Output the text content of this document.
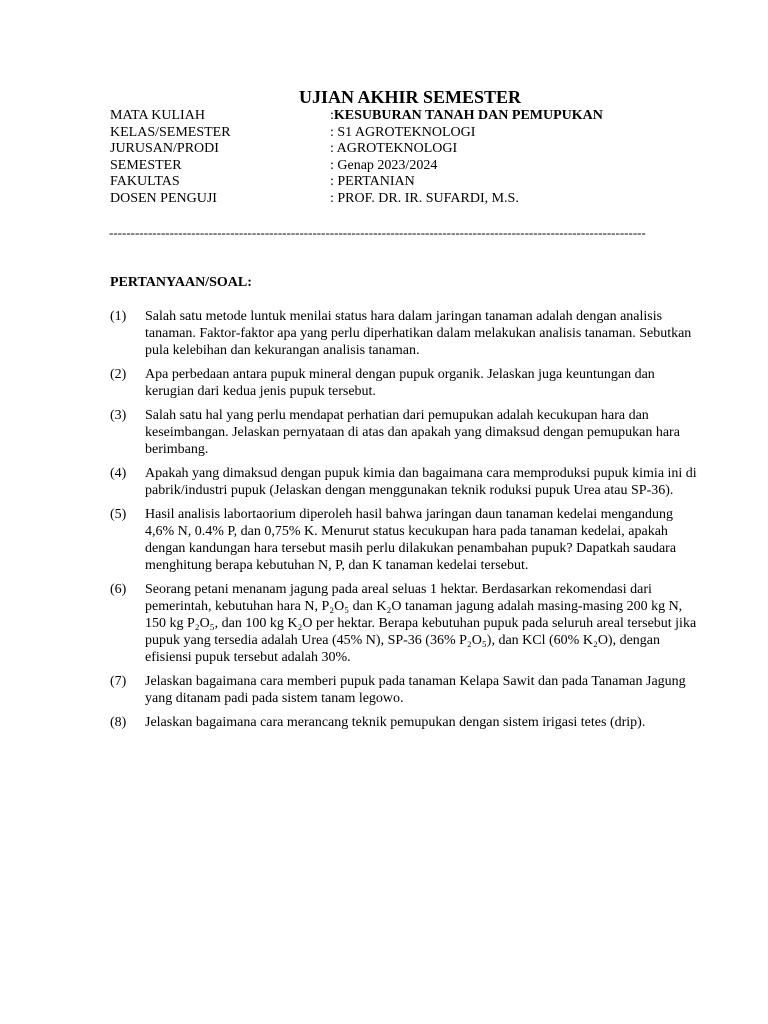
UJIAN AKHIR SEMESTER
MATA KULIAH	: KESUBURAN TANAH DAN PEMUPUKAN
KELAS/SEMESTER	: S1 AGROTEKNOLOGI
JURUSAN/PRODI	: AGROTEKNOLOGI
SEMESTER	: Genap 2023/2024
FAKULTAS	: PERTANIAN
DOSEN PENGUJI	: PROF. DR. IR. SUFARDI, M.S.
----------------------------------------------------------------------------------------------------------------------------
PERTANYAAN/SOAL:
(1) Salah satu metode luntuk menilai status hara dalam jaringan tanaman adalah dengan analisis tanaman. Faktor-faktor apa yang perlu diperhatikan dalam melakukan analisis tanaman. Sebutkan pula kelebihan dan kekurangan analisis tanaman.
(2) Apa perbedaan antara pupuk mineral dengan pupuk organik. Jelaskan juga keuntungan dan kerugian dari kedua jenis pupuk tersebut.
(3) Salah satu hal yang perlu mendapat perhatian dari pemupukan adalah kecukupan hara dan keseimbangan. Jelaskan pernyataan di atas dan apakah yang dimaksud dengan pemupukan hara berimbang.
(4) Apakah yang dimaksud dengan pupuk kimia dan bagaimana cara memproduksi pupuk kimia ini di pabrik/industri pupuk (Jelaskan dengan menggunakan teknik roduksi pupuk Urea atau SP-36).
(5) Hasil analisis labortaorium diperoleh hasil bahwa jaringan daun tanaman kedelai mengandung 4,6% N, 0.4% P, dan 0,75% K. Menurut status kecukupan hara pada tanaman kedelai, apakah dengan kandungan hara tersebut masih perlu dilakukan penambahan pupuk? Dapatkah saudara menghitung berapa kebutuhan N, P, dan K tanaman kedelai tersebut.
(6) Seorang petani menanam jagung pada areal seluas 1 hektar. Berdasarkan rekomendasi dari pemerintah, kebutuhan hara N, P₂O₅ dan K₂O tanaman jagung adalah masing-masing 200 kg N, 150 kg P₂O₅, dan 100 kg K₂O per hektar. Berapa kebutuhan pupuk pada seluruh areal tersebut jika pupuk yang tersedia adalah Urea (45% N), SP-36 (36% P₂O₅), dan KCl (60% K₂O), dengan efisiensi pupuk tersebut adalah 30%.
(7) Jelaskan bagaimana cara memberi pupuk pada tanaman Kelapa Sawit dan pada Tanaman Jagung yang ditanam padi pada sistem tanam legowo.
(8) Jelaskan bagaimana cara merancang teknik pemupukan dengan sistem irigasi tetes (drip).
